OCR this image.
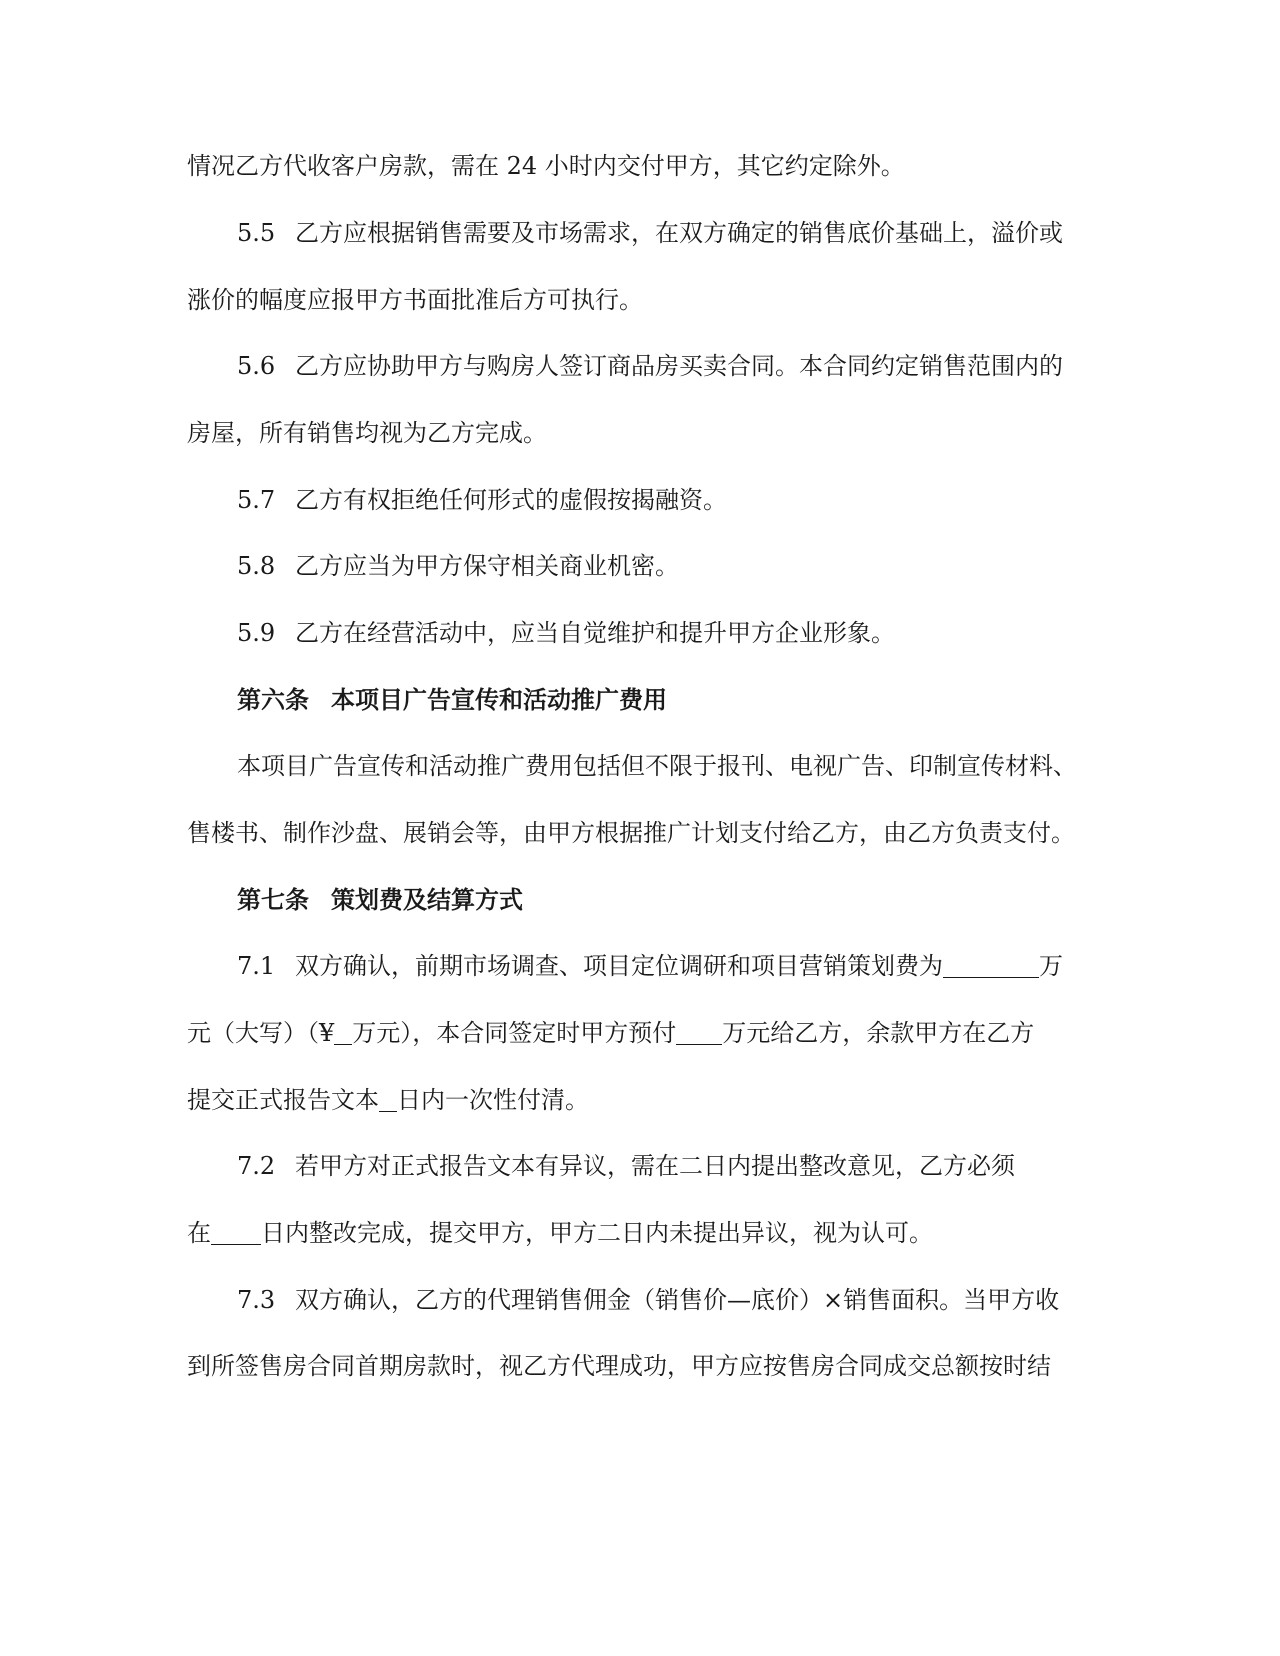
情况乙方代收客户房款，需在 24 小时内交付甲方，其它约定除外。
5.5 乙方应根据销售需要及市场需求，在双方确定的销售底价基础上，溢价或
涨价的幅度应报甲方书面批准后方可执行。
5.6 乙方应协助甲方与购房人签订商品房买卖合同。本合同约定销售范围内的
房屋，所有销售均视为乙方完成。
5.7 乙方有权拒绝任何形式的虚假按揭融资。
5.8 乙方应当为甲方保守相关商业机密。
5.9 乙方在经营活动中，应当自觉维护和提升甲方企业形象。
第六条 本项目广告宣传和活动推广费用
本项目广告宣传和活动推广费用包括但不限于报刊、电视广告、印制宣传材料、
售楼书、制作沙盘、展销会等，由甲方根据推广计划支付给乙方，由乙方负责支付。
第七条 策划费及结算方式
7.1 双方确认，前期市场调查、项目定位调研和项目营销策划费为	万
元（大写）（¥ 万元），本合同签定时甲方预付 万元给乙方，余款甲方在乙方
提交正式报告文本 日内一次性付清。
7.2 若甲方对正式报告文本有异议，需在二日内提出整改意见，乙方必须
在 日内整改完成，提交甲方，甲方二日内未提出异议，视为认可。
7.3 双方确认，乙方的代理销售佣金（销售价—底价）×销售面积。当甲方收
到所签售房合同首期房款时，视乙方代理成功，甲方应按售房合同成交总额按时结
